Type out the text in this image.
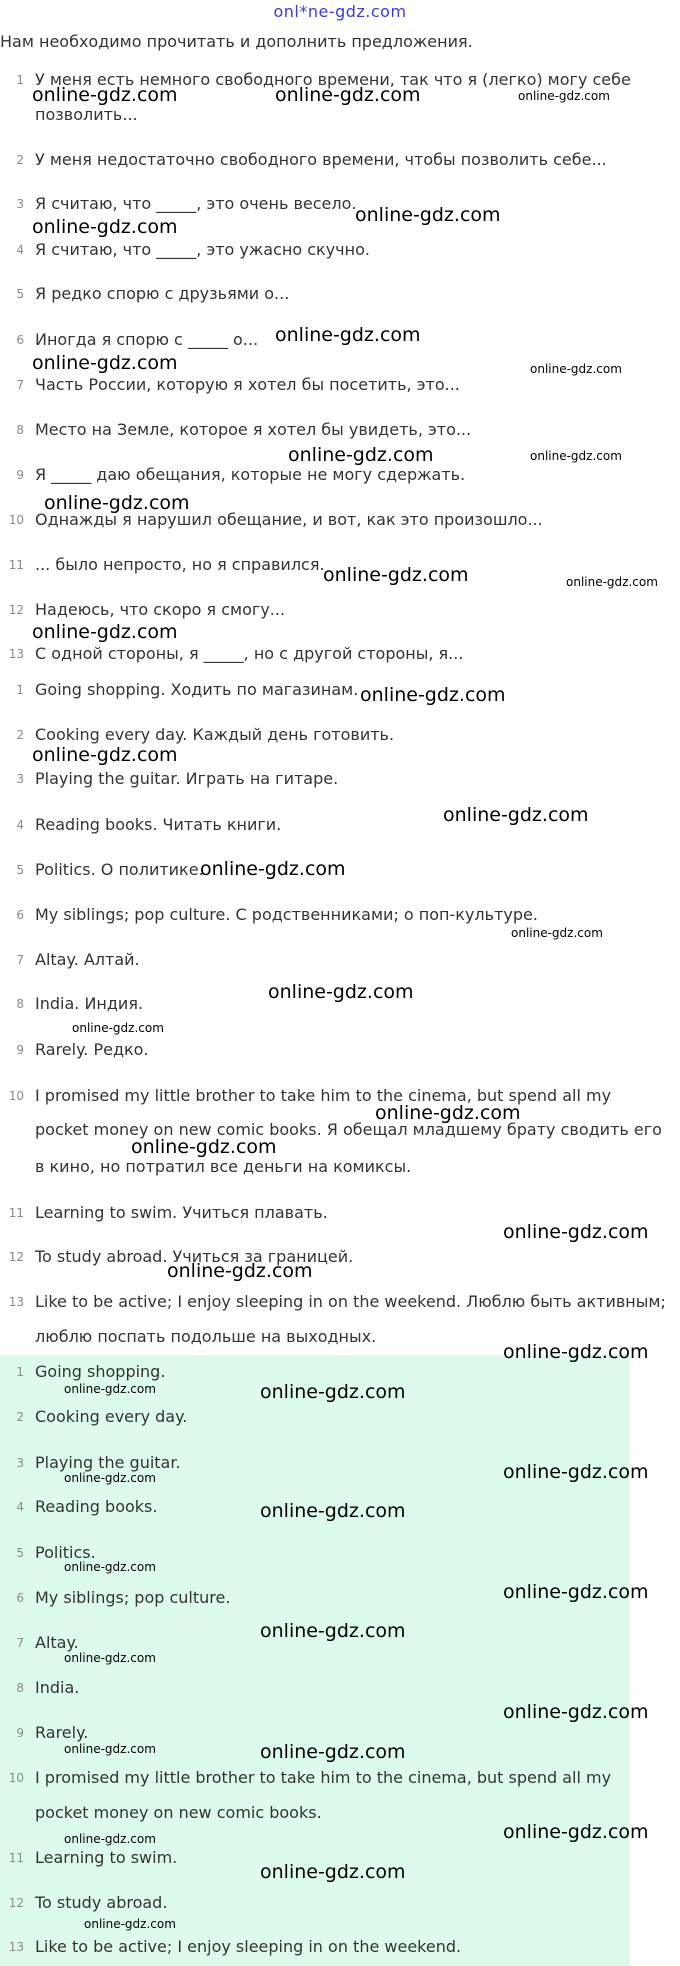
onl*ne-gdz.com
Нам необходимо прочитать и дополнить предложения.
1 У меня есть немного свободного времени, так что я (легко) могу себе
позволить...
2 У меня недостаточно свободного времени, чтобы позволить себе...
3 Я считаю, что _____, это очень весело.
4 Я считаю, что _____, это ужасно скучно.
5 Я редко спорю с друзьями о...
6 Иногда я спорю с _____ о...
7 Часть России, которую я хотел бы посетить, это...
8 Место на Земле, которое я хотел бы увидеть, это...
9 Я _____ даю обещания, которые не могу сдержать.
10 Однажды я нарушил обещание, и вот, как это произошло...
11 ... было непросто, но я справился.
12 Надеюсь, что скоро я смогу...
13 С одной стороны, я _____, но с другой стороны, я...
1 Going shopping. Ходить по магазинам.
2 Cooking every day. Каждый день готовить.
3 Playing the guitar. Играть на гитаре.
4 Reading books. Читать книги.
5 Politics. О политике.
6 My siblings; pop culture. С родственниками; о поп-культуре.
7 Altay. Алтай.
8 India. Индия.
9 Rarely. Редко.
10 I promised my little brother to take him to the cinema, but spend all my
pocket money on new comic books. Я обещал младшему брату сводить его
в кино, но потратил все деньги на комиксы.
11 Learning to swim. Учиться плавать.
12 To study abroad. Учиться за границей.
13 Like to be active; I enjoy sleeping in on the weekend. Люблю быть активным;
люблю поспать подольше на выходных.
1 Going shopping.
2 Cooking every day.
3 Playing the guitar.
4 Reading books.
5 Politics.
6 My siblings; pop culture.
7 Altay.
8 India.
9 Rarely.
10 I promised my little brother to take him to the cinema, but spend all my
pocket money on new comic books.
11 Learning to swim.
12 To study abroad.
13 Like to be active; I enjoy sleeping in on the weekend.
online-gdz.com	online-gdz.com	online-gdz.com
online-gdz.com
online-gdz.com
online-gdz.com
online-gdz.com	online-gdz.com
online-gdz.com	online-gdz.com
online-gdz.com
online-gdz.com	online-gdz.com
online-gdz.com
online-gdz.com
online-gdz.com
online-gdz.com
online-gdz.com
online-gdz.com
online-gdz.com
online-gdz.com
online-gdz.com
online-gdz.com
online-gdz.com
online-gdz.com
online-gdz.com
online-gdz.com	online-gdz.com
online-gdz.com	online-gdz.com
online-gdz.com
online-gdz.com
online-gdz.com
online-gdz.com
online-gdz.com
online-gdz.com
online-gdz.com	online-gdz.com
online-gdz.com
online-gdz.com
online-gdz.com
online-gdz.com
